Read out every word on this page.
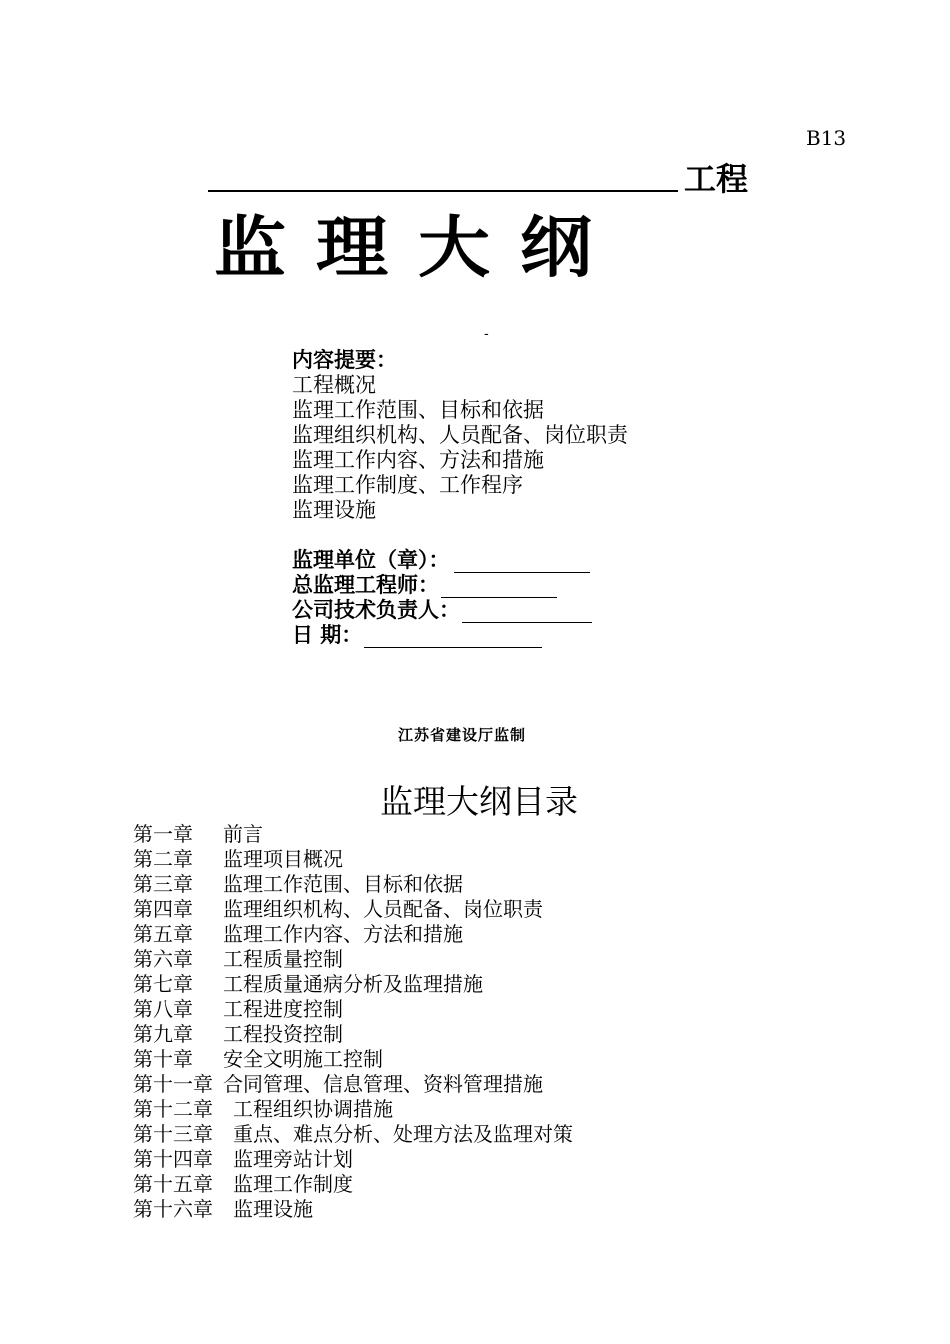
B13
工程
监理大纲
-
内容提要：
工程概况
监理工作范围、目标和依据
监理组织机构、人员配备、岗位职责
监理工作内容、方法和措施
监理工作制度、工作程序
监理设施
监理单位（章）：
总监理工程师：
公司技术负责人：
日 期：
江苏省建设厅监制
监理大纲目录
第一章	前言
第二章	监理项目概况
第三章	监理工作范围、目标和依据
第四章	监理组织机构、人员配备、岗位职责
第五章	监理工作内容、方法和措施
第六章	工程质量控制
第七章	工程质量通病分析及监理措施
第八章	工程进度控制
第九章	工程投资控制
第十章	安全文明施工控制
第十一章 合同管理、信息管理、资料管理措施
第十二章	工程组织协调措施
第十三章	重点、难点分析、处理方法及监理对策
第十四章	监理旁站计划
第十五章	监理工作制度
第十六章	监理设施
